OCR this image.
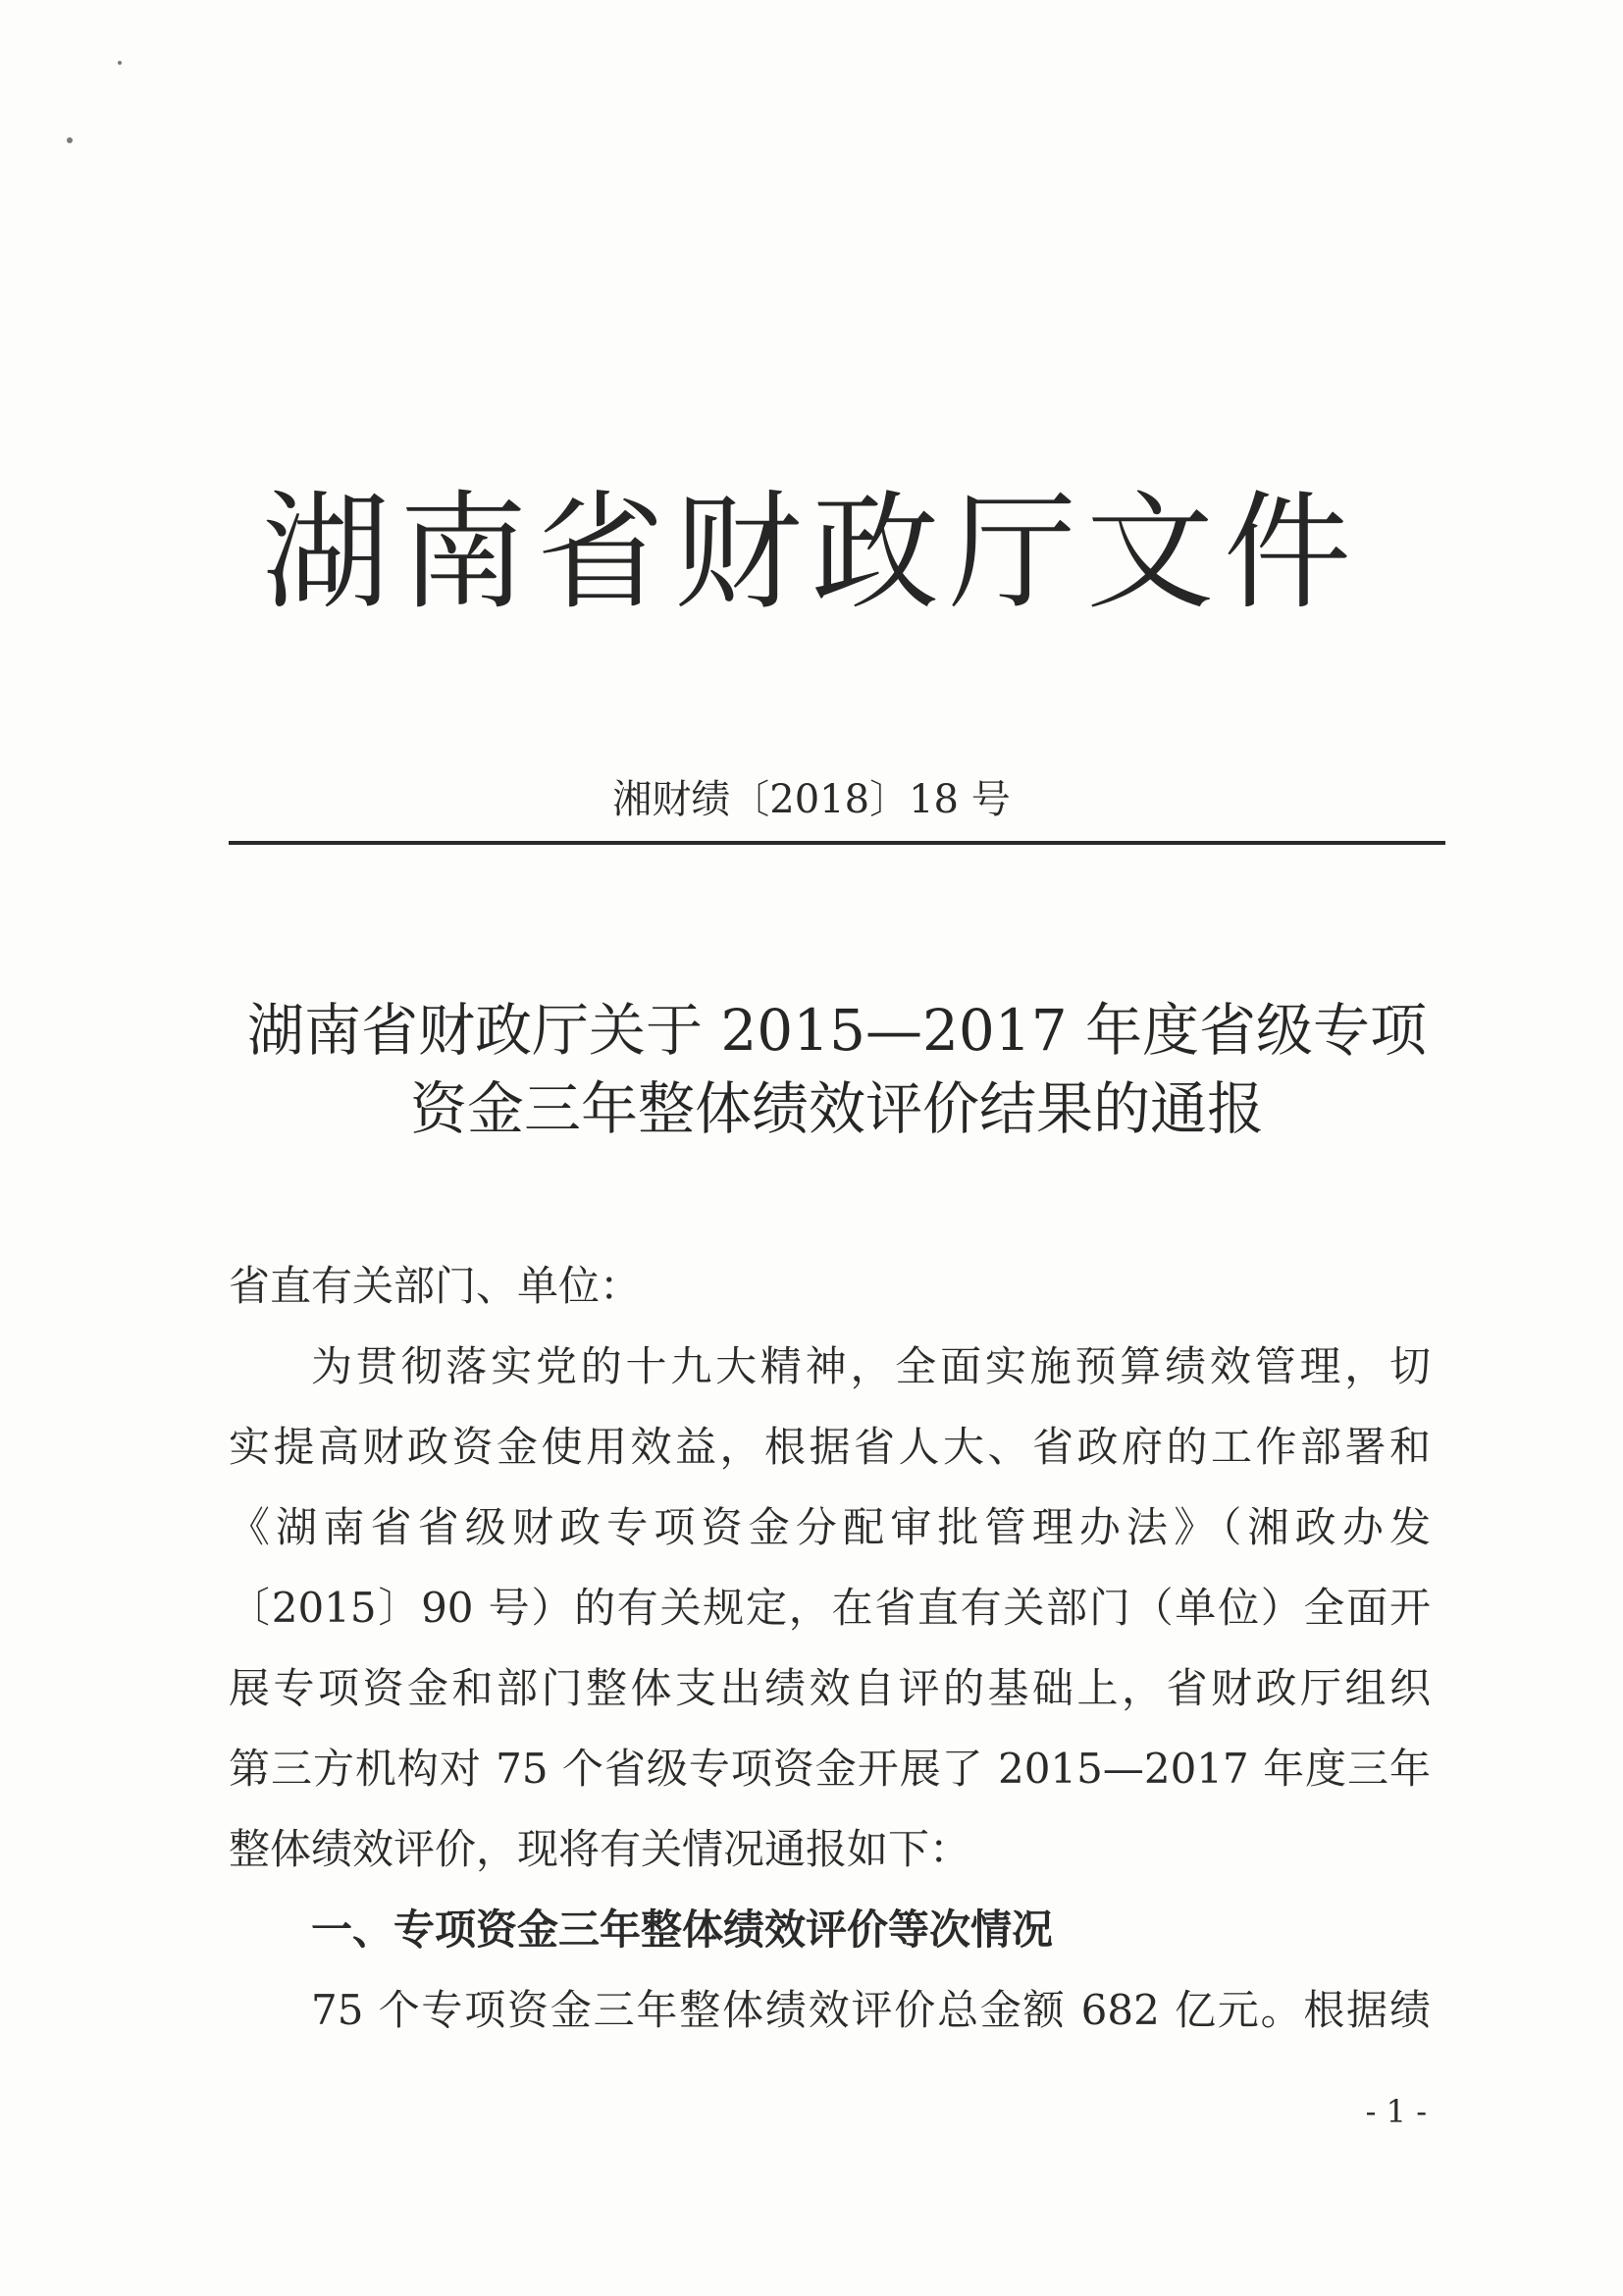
湖南省财政厅文件
湘财绩〔2018〕18 号
湖南省财政厅关于 2015—2017 年度省级专项
资金三年整体绩效评价结果的通报

省直有关部门、单位：

为贯彻落实党的十九大精神，全面实施预算绩效管理，切

实提高财政资金使用效益，根据省人大、省政府的工作部署和

《湖南省省级财政专项资金分配审批管理办法》（湘政办发

〔2015〕90 号）的有关规定，在省直有关部门（单位）全面开

展专项资金和部门整体支出绩效自评的基础上，省财政厅组织

第三方机构对 75 个省级专项资金开展了 2015—2017 年度三年

整体绩效评价，现将有关情况通报如下：

一、专项资金三年整体绩效评价等次情况

75 个专项资金三年整体绩效评价总金额 682 亿元。根据绩

- 1 -
